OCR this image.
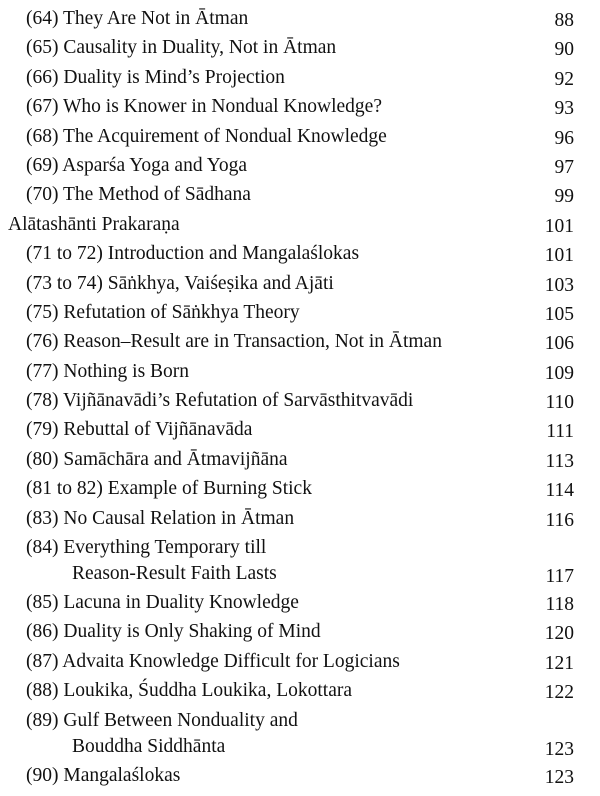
(64) They Are Not in Ātman	88
(65) Causality in Duality, Not in Ātman	90
(66) Duality is Mind’s Projection	92
(67) Who is Knower in Nondual Knowledge?	93
(68) The Acquirement of Nondual Knowledge	96
(69) Asparśa Yoga and Yoga	97
(70) The Method of Sādhana	99
Alātashānti Prakaraṇa	101
(71 to 72) Introduction and Mangalaślokas	101
(73 to 74) Sāṅkhya, Vaiśeṣika and Ajāti	103
(75) Refutation of Sāṅkhya Theory	105
(76) Reason–Result are in Transaction, Not in Ātman	106
(77) Nothing is Born	109
(78) Vijñānavādi’s Refutation of Sarvāsthitvavādi	110
(79) Rebuttal of Vijñānavāda	111
(80) Samāchāra and Ātmavijñāna	113
(81 to 82) Example of Burning Stick	114
(83) No Causal Relation in Ātman	116
(84) Everything Temporary till
Reason-Result Faith Lasts	117
(85) Lacuna in Duality Knowledge	118
(86) Duality is Only Shaking of Mind	120
(87) Advaita Knowledge Difficult for Logicians	121
(88) Loukika, Śuddha Loukika, Lokottara	122
(89) Gulf Between Nonduality and
Bouddha Siddhānta	123
(90) Mangalaślokas	123
